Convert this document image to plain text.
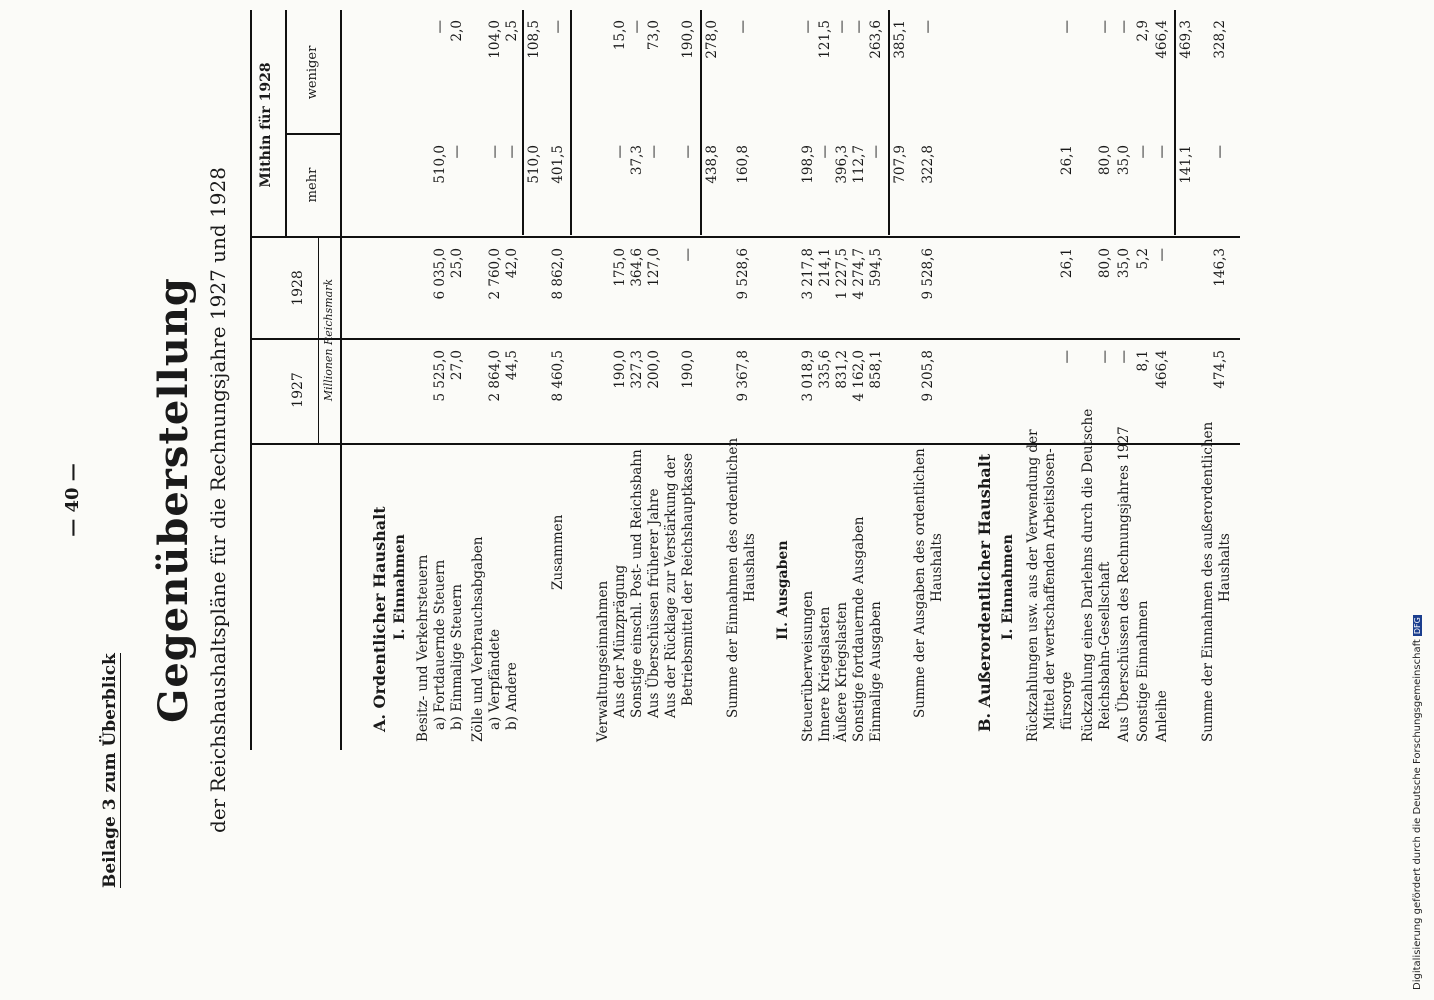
Beilage 3 zum Überblick
— 40 — Gegenüberstellung der Reichshaushaltspläne für die Rechnungsjahre 1927 und 1928	1927
1928
Mithin für 1928 mehr
weniger
Millionen Reichsmark
A. Ordentlicher Haushalt I. Einnahmen Besitz- und Verkehrsteuern a) Fortdauernde Steuern
5 525,0
6 035,0
510,0
—
b) Einmalige Steuern
27,0
25,0
—
2,0
Zölle und Verbrauchsabgaben a) Verpfändete
2 864,0
2 760,0
—
104,0
b) Andere
44,5
42,0
—
2,5
510,0
108,5
Zusammen
8 460,5
8 862,0
401,5
—
Verwaltungseinnahmen Aus der Münzprägung
190,0
175,0
—
15,0
Sonstige einschl. Post- und Reichsbahn
327,3
364,6
37,3
—
Aus Überschüssen früherer Jahre
200,0
127,0
—
73,0
Aus der Rücklage zur Verstärkung der Betriebsmittel der Reichshauptkasse
190,0
—
—
190,0
438,8
278,0
Summe der Einnahmen des ordentlichen Haushalts
9 367,8
9 528,6
160,8
—
II. Ausgaben
Steuerüberweisungen
3 018,9
3 217,8
198,9
—
Innere Kriegslasten
335,6
214,1
—
121,5
Äußere Kriegslasten
831,2
1 227,5
396,3
—
Sonstige fortdauernde Ausgaben
4 162,0
4 274,7
112,7
—
Einmalige Ausgaben
858,1
594,5
—
263,6
707,9
385,1
Summe der Ausgaben des ordentlichen Haushalts
9 205,8
9 528,6
322,8
—
B. Außerordentlicher Haushalt I. Einnahmen Rückzahlungen usw. aus der Verwendung der Mittel der wertschaffenden Arbeitslosen- fürsorge
—
26,1
26,1
—
Rückzahlung eines Darlehns durch die Deutsche Reichsbahn-Gesellschaft
—
80,0
80,0
—
Aus Überschüssen des Rechnungsjahres 1927
—
35,0
35,0
—
Sonstige Einnahmen
8,1
5,2
—
2,9
Anleihe
466,4
—
—
466,4
141,1
469,3
Summe der Einnahmen des außerordentlichen Haushalts
474,5
146,3
—
328,2
Digitalisierung gefördert durch die Deutsche ForschungsgemeinschaftDFG
